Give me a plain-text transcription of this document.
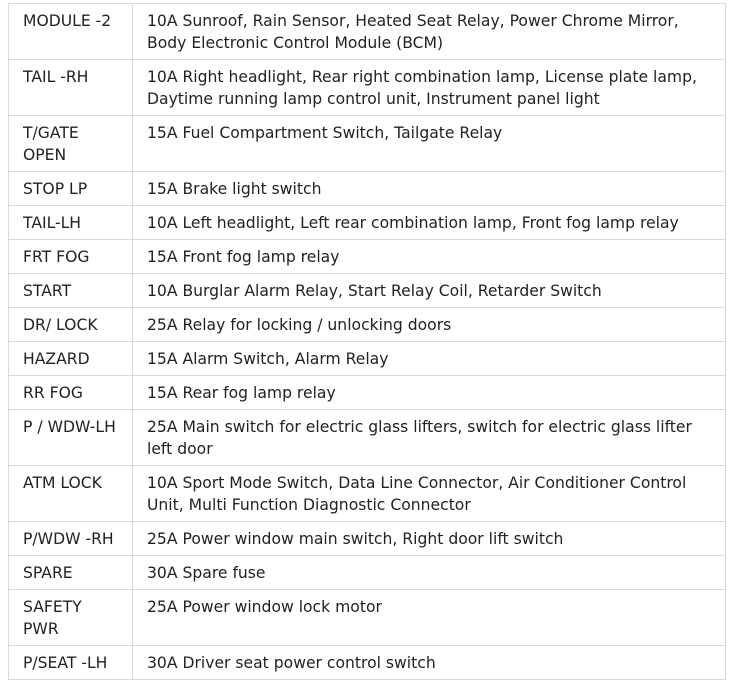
MODULE -2	10A Sunroof, Rain Sensor, Heated Seat Relay, Power Chrome Mirror, Body Electronic Control Module (BCM)
TAIL -RH	10A Right headlight, Rear right combination lamp, License plate lamp, Daytime running lamp control unit, Instrument panel light
T/GATE OPEN	15A Fuel Compartment Switch, Tailgate Relay
STOP LP	15A Brake light switch
TAIL-LH	10A Left headlight, Left rear combination lamp, Front fog lamp relay
FRT FOG	15A Front fog lamp relay
START	10A Burglar Alarm Relay, Start Relay Coil, Retarder Switch
DR/ LOCK	25A Relay for locking / unlocking doors
HAZARD	15A Alarm Switch, Alarm Relay
RR FOG	15A Rear fog lamp relay
P / WDW-LH	25A Main switch for electric glass lifters, switch for electric glass lifter left door
ATM LOCK	10A Sport Mode Switch, Data Line Connector, Air Conditioner Control Unit, Multi Function Diagnostic Connector
P/WDW -RH	25A Power window main switch, Right door lift switch
SPARE	30A Spare fuse
SAFETY PWR	25A Power window lock motor
P/SEAT -LH	30A Driver seat power control switch
